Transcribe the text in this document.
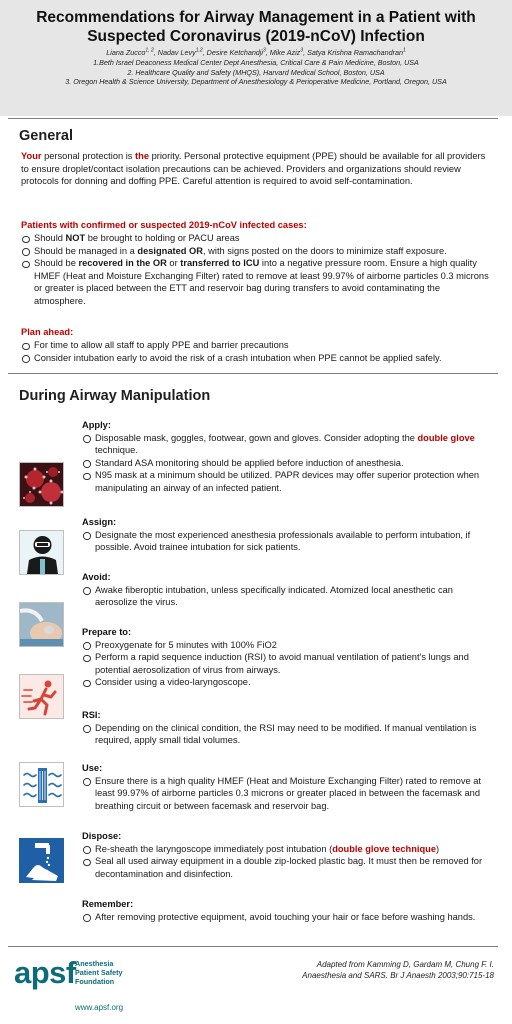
Recommendations for Airway Management in a Patient with
Suspected Coronavirus (2019-nCoV) Infection
Liana Zucco$^{1, 2}$, Nadav Levy$^{1,2}$, Desire Ketchandji$^3$, Mike Aziz$^3$, Satya Krishna Ramachandran$^1$
1.Beth Israel Deaconess Medical Center Dept Anesthesia, Critical Care & Pain Medicine, Boston, USA
2. Healthcare Quality and Safety (MHQS), Harvard Medical School, Boston, USA
3. Oregon Health & Science University, Department of Anesthesiology & Perioperative Medicine, Portland, Oregon, USA
General
Your personal protection is the priority. Personal protective equipment (PPE) should be available for all providers to ensure droplet/contact isolation precautions can be achieved. Providers and organizations should review protocols for donning and doffing PPE. Careful attention is required to avoid self-contamination.
Patients with confirmed or suspected 2019-nCoV infected cases:
Should NOT be brought to holding or PACU areas
Should be managed in a designated OR, with signs posted on the doors to minimize staff exposure.
Should be recovered in the OR or transferred to ICU into a negative pressure room. Ensure a high quality HMEF (Heat and Moisture Exchanging Filter) rated to remove at least 99.97% of airborne particles 0.3 microns or greater is placed between the ETT and reservoir bag during transfers to avoid contaminating the atmosphere.
Plan ahead:
For time to allow all staff to apply PPE and barrier precautions
Consider intubation early to avoid the risk of a crash intubation when PPE cannot be applied safely.
During Airway Manipulation
Apply:
Disposable mask, goggles, footwear, gown and gloves. Consider adopting the double glove technique.
Standard ASA monitoring should be applied before induction of anesthesia.
N95 mask at a minimum should be utilized. PAPR devices may offer superior protection when manipulating an airway of an infected patient.
Assign:
Designate the most experienced anesthesia professionals available to perform intubation, if possible. Avoid trainee intubation for sick patients.
Avoid:
Awake fiberoptic intubation, unless specifically indicated. Atomized local anesthetic can aerosolize the virus.
Prepare to:
Preoxygenate for 5 minutes with 100% FiO2
Perform a rapid sequence induction (RSI) to avoid manual ventilation of patient's lungs and potential aerosolization of virus from airways.
Consider using a video-laryngoscope.
RSI:
Depending on the clinical condition, the RSI may need to be modified. If manual ventilation is required, apply small tidal volumes.
Use:
Ensure there is a high quality HMEF (Heat and Moisture Exchanging Filter) rated to remove at least 99.97% of airborne particles 0.3 microns or greater placed in between the facemask and breathing circuit or between facemask and reservoir bag.
Dispose:
Re-sheath the laryngoscope immediately post intubation (double glove technique)
Seal all used airway equipment in a double zip-locked plastic bag. It must then be removed for decontamination and disinfection.
Remember:
After removing protective equipment, avoid touching your hair or face before washing hands.
apsf Anesthesia
Patient Safety
Foundation
www.apsf.org
Adapted from Kamming D, Gardam M, Chung F. I.
Anaesthesia and SARS. Br J Anaesth 2003;90:715-18
